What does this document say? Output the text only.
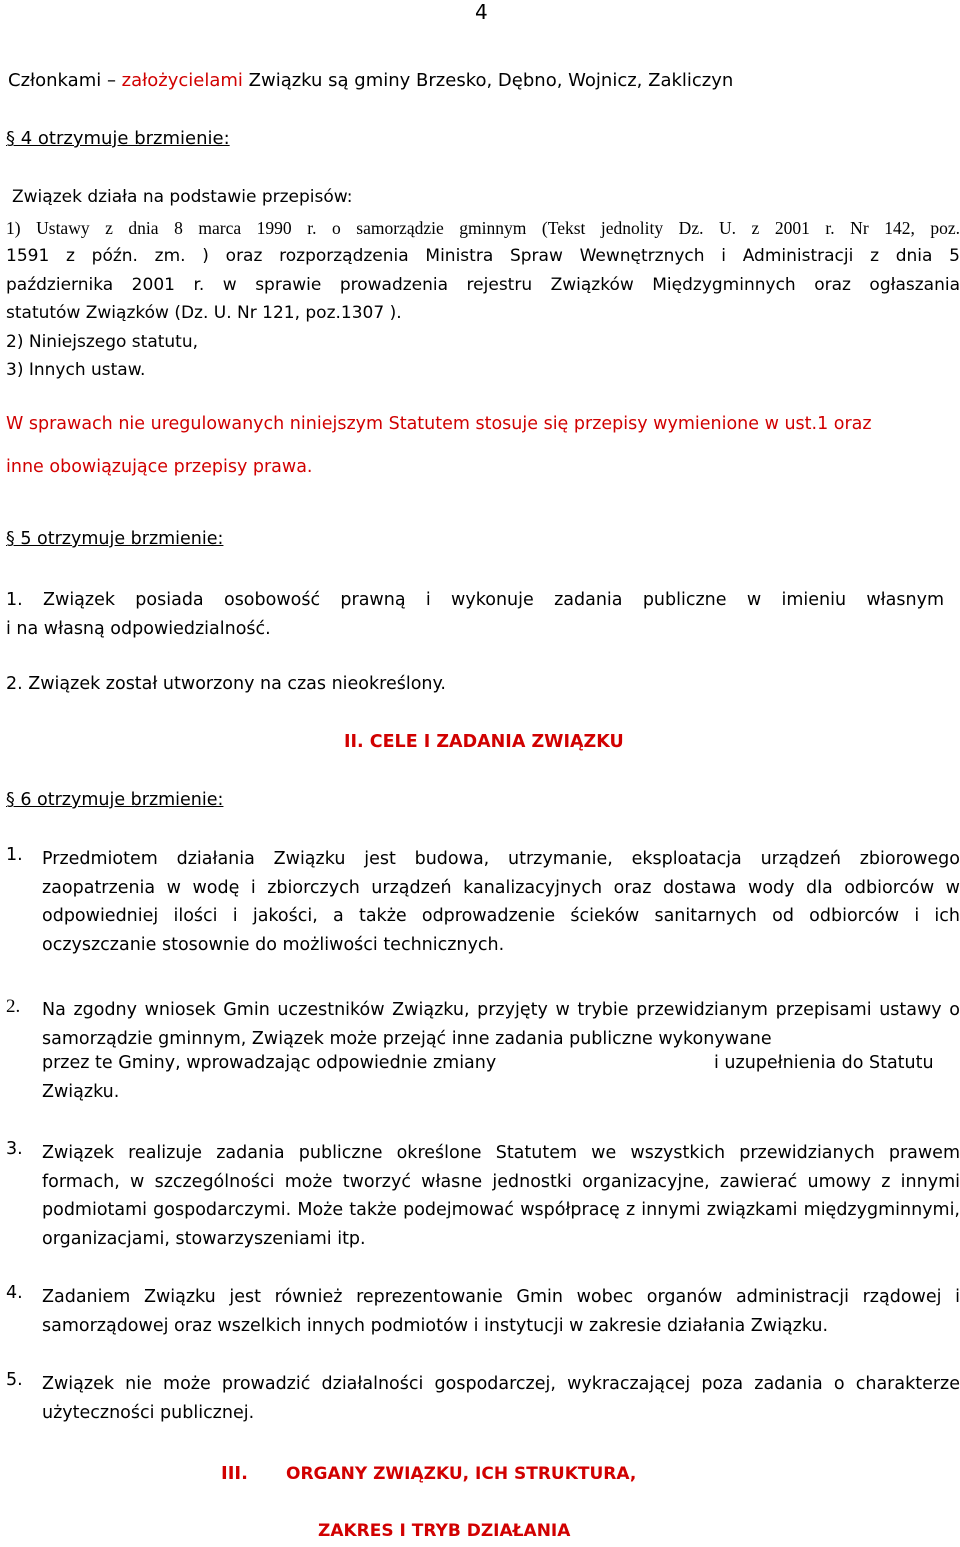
4
Członkami – założycielami Związku są gminy Brzesko, Dębno, Wojnicz, Zakliczyn
§ 4 otrzymuje brzmienie:
Związek działa na podstawie przepisów:
1) Ustawy z dnia 8 marca 1990 r. o samorządzie gminnym (Tekst jednolity Dz. U. z 2001 r. Nr 142, poz.
1591 z późn. zm. ) oraz rozporządzenia Ministra Spraw Wewnętrznych i Administracji z dnia 5
października 2001 r. w sprawie prowadzenia rejestru Związków Międzygminnych oraz ogłaszania
statutów Związków (Dz. U. Nr 121, poz.1307 ).
2) Niniejszego statutu,
3) Innych ustaw.
W sprawach nie uregulowanych niniejszym Statutem stosuje się przepisy wymienione w ust.1 oraz
inne obowiązujące przepisy prawa.
§ 5 otrzymuje brzmienie:
1. Związek posiada osobowość prawną i wykonuje zadania publiczne w imieniu własnym
i na własną odpowiedzialność.
2. Związek został utworzony na czas nieokreślony.
II. CELE I ZADANIA ZWIĄZKU
§ 6 otrzymuje brzmienie:
1. Przedmiotem działania Związku jest budowa, utrzymanie, eksploatacja urządzeń zbiorowego zaopatrzenia w wodę i zbiorczych urządzeń kanalizacyjnych oraz dostawa wody dla odbiorców w odpowiedniej ilości i jakości, a także odprowadzenie ścieków sanitarnych od odbiorców i ich oczyszczanie stosownie do możliwości technicznych.
2. Na zgodny wniosek Gmin uczestników Związku, przyjęty w trybie przewidzianym przepisami ustawy o samorządzie gminnym, Związek może przejąć inne zadania publiczne wykonywane
przez te Gminy, wprowadzając odpowiednie zmiany	i uzupełnienia do Statutu
Związku.
3. Związek realizuje zadania publiczne określone Statutem we wszystkich przewidzianych prawem formach, w szczególności może tworzyć własne jednostki organizacyjne, zawierać umowy z innymi podmiotami gospodarczymi. Może także podejmować współpracę z innymi związkami międzygminnymi, organizacjami, stowarzyszeniami itp.
4. Zadaniem Związku jest również reprezentowanie Gmin wobec organów administracji rządowej i samorządowej oraz wszelkich innych podmiotów i instytucji w zakresie działania Związku.
5. Związek nie może prowadzić działalności gospodarczej, wykraczającej poza zadania o charakterze użyteczności publicznej.
III. ORGANY ZWIĄZKU, ICH STRUKTURA,
ZAKRES I TRYB DZIAŁANIA
